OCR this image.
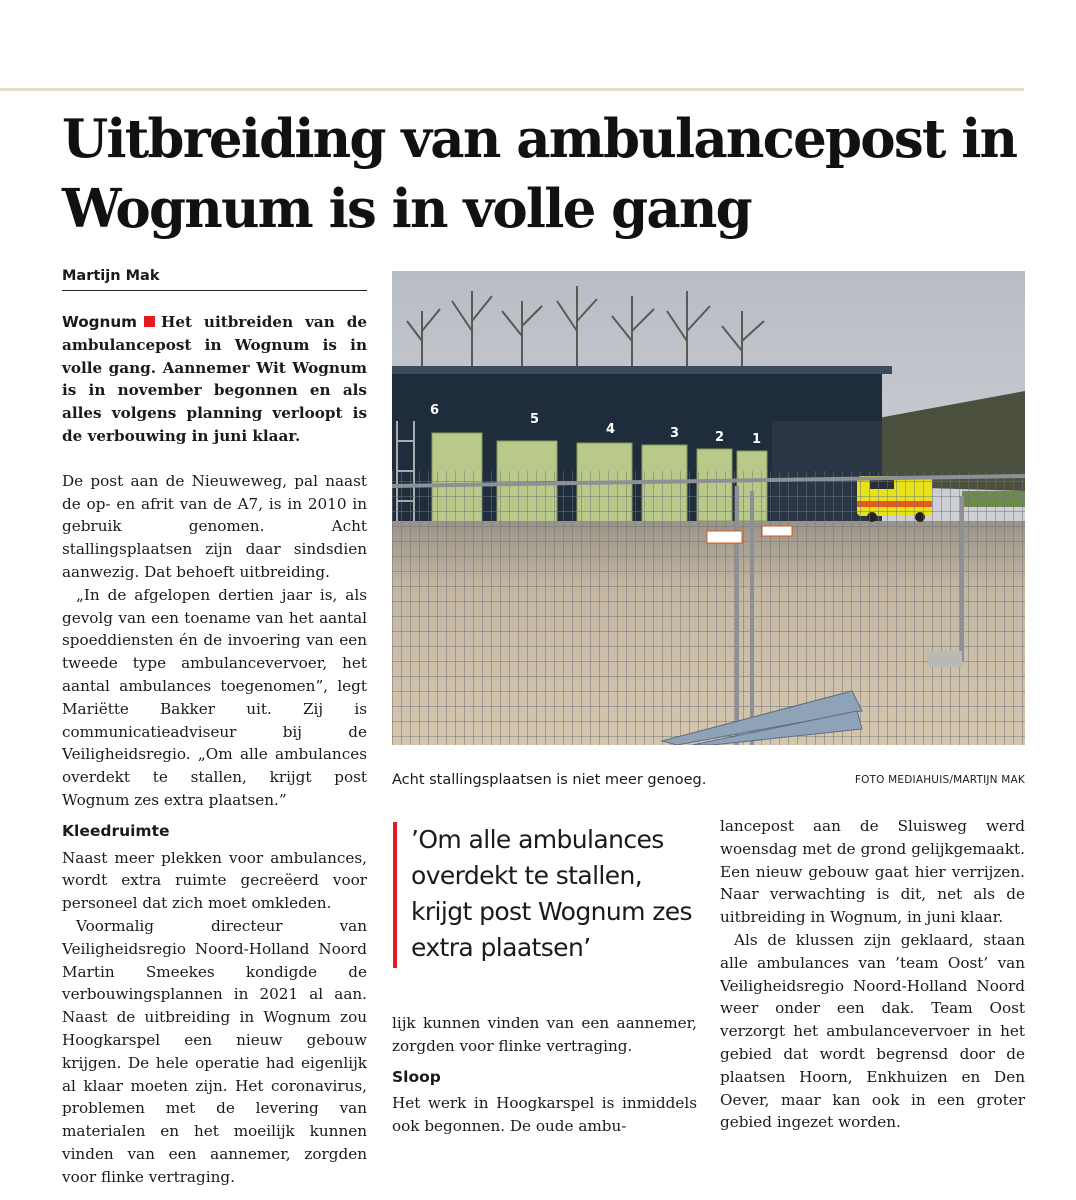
Uitbreiding van ambulancepost in Wognum is in volle gang
Martijn Mak

Wognum Het uitbreiden van de ambulancepost in Wognum is in volle gang. Aannemer Wit Wognum is in november begonnen en als alles volgens planning verloopt is de verbouwing in juni klaar.

De post aan de Nieuweweg, pal naast de op- en afrit van de A7, is in 2010 in gebruik genomen. Acht stallingsplaatsen zijn daar sindsdien aanwezig. Dat behoeft uitbreiding.

„In de afgelopen dertien jaar is, als gevolg van een toename van het aantal spoeddiensten én de invoering van een tweede type ambulancevervoer, het aantal ambulances toegenomen”, legt Mariëtte Bakker uit. Zij is communicatieadviseur bij de Veiligheidsregio. „Om alle ambulances overdekt te stallen, krijgt post Wognum zes extra plaatsen.”

Kleedruimte

Naast meer plekken voor ambulances, wordt extra ruimte gecreëerd voor personeel dat zich moet omkleden.

Voormalig directeur van Veiligheidsregio Noord-Holland Noord Martin Smeekes kondigde de verbouwingsplannen in 2021 al aan. Naast de uitbreiding in Wognum zou Hoogkarspel een nieuw gebouw krijgen. De hele operatie had eigenlijk al klaar moeten zijn. Het coronavirus, problemen met de levering van materialen en het moeilijk kunnen vinden van een aannemer, zorgden voor flinke vertraging.

6
5
4	3	2 1
Acht stallingsplaatsen is niet meer genoeg.	FOTO MEDIAHUIS/MARTIJN MAK
’Om alle ambulances overdekt te stallen, krijgt post Wognum zes extra plaatsen’

lijk kunnen vinden van een aannemer, zorgden voor flinke vertraging.

Sloop

Het werk in Hoogkarspel is inmiddels ook begonnen. De oude ambu-

lancepost aan de Sluisweg werd woensdag met de grond gelijkgemaakt. Een nieuw gebouw gaat hier verrijzen. Naar verwachting is dit, net als de uitbreiding in Wognum, in juni klaar.

Als de klussen zijn geklaard, staan alle ambulances van ’team Oost’ van Veiligheidsregio Noord-Holland Noord weer onder een dak. Team Oost verzorgt het ambulancevervoer in het gebied dat wordt begrensd door de plaatsen Hoorn, Enkhuizen en Den Oever, maar kan ook in een groter gebied ingezet worden.
